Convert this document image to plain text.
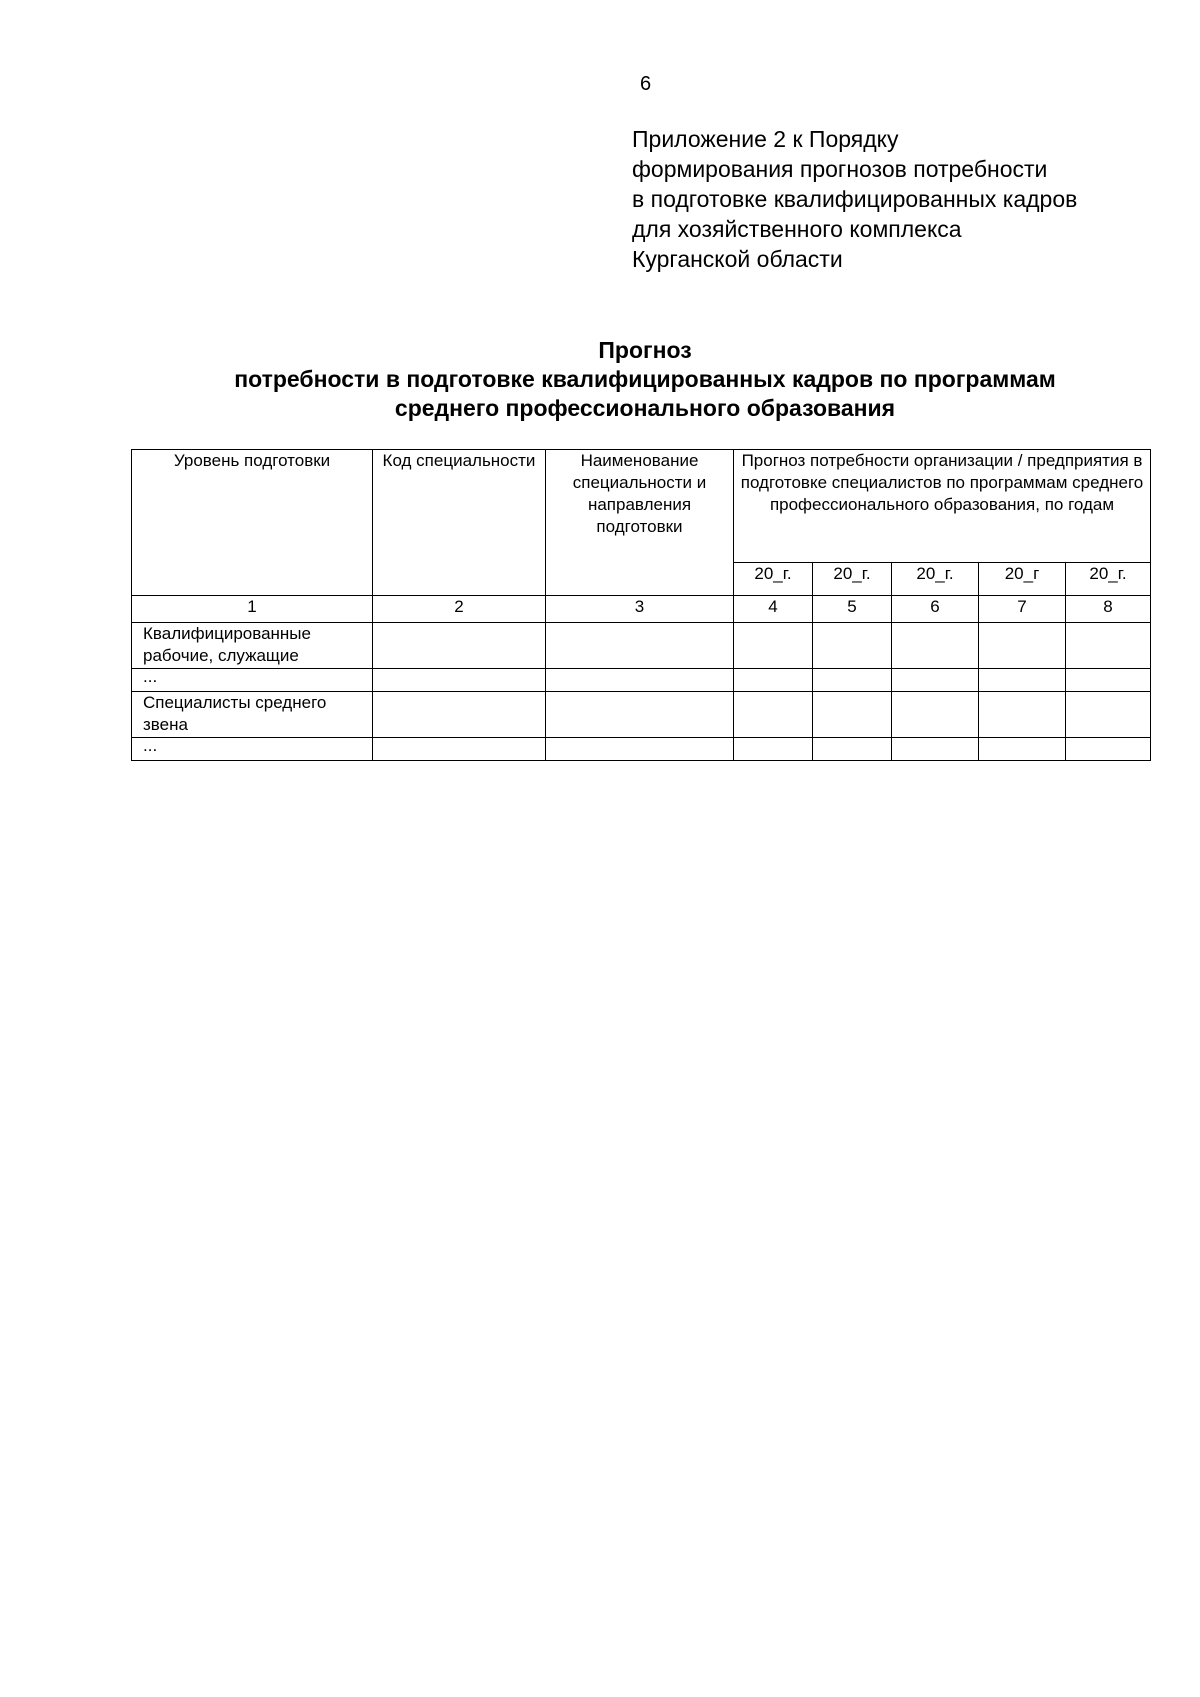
6
Приложение 2 к Порядку
формирования прогнозов потребности
в подготовке квалифицированных кадров
для хозяйственного комплекса
Курганской области
Прогноз
потребности в подготовке квалифицированных кадров по программам
среднего профессионального образования
Уровень подготовки	Код специальности	Наименование специальности и направления подготовки	Прогноз потребности организации / предприятия в подготовке специалистов по программам среднего профессионального образования, по годам				
			20_г.	20_г.	20_г.	20_г	20_г.
1	2	3	4	5	6	7	8
Квалифицированные рабочие, служащие							
...							
Специалисты среднего звена							
...							
